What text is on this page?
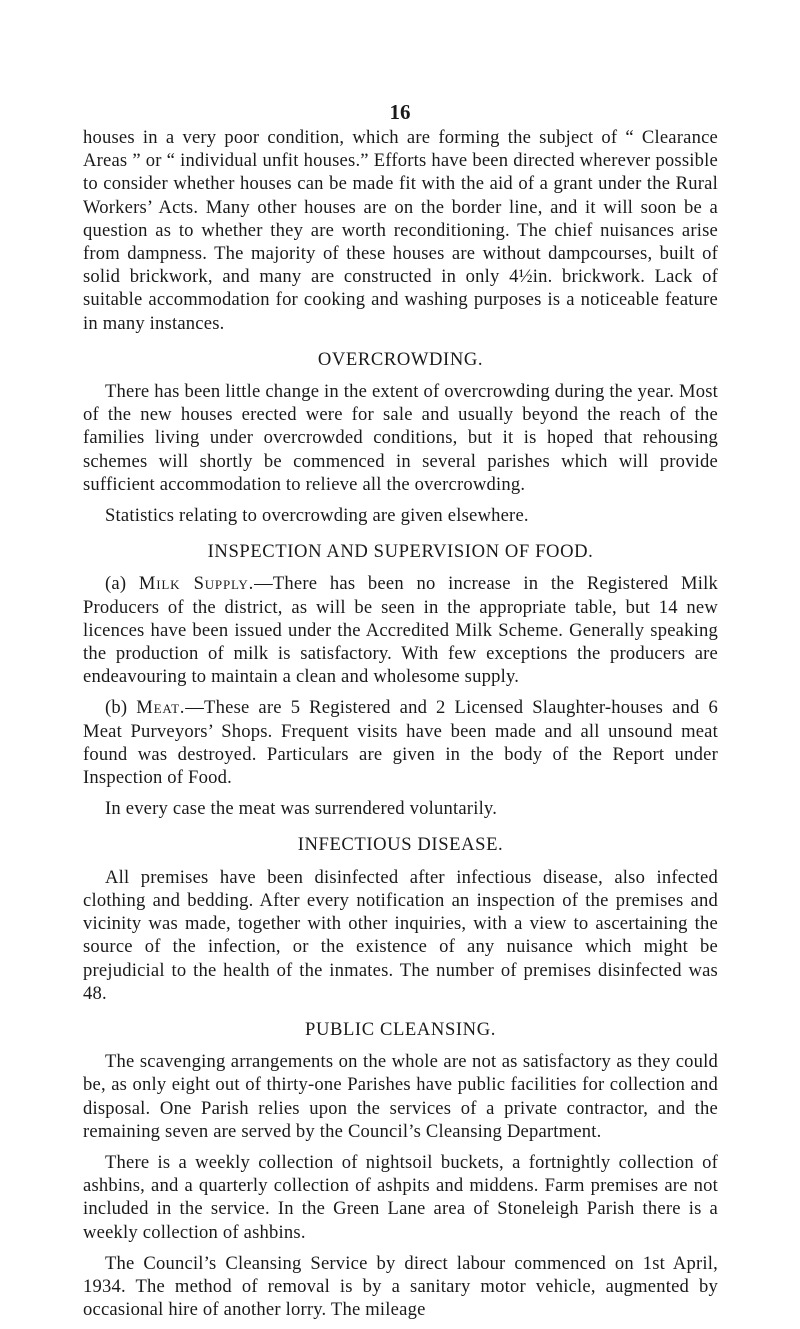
16

houses in a very poor condition, which are forming the subject of “ Clearance Areas ” or “ individual unfit houses.” Efforts have been directed wherever possible to consider whether houses can be made fit with the aid of a grant under the Rural Workers’ Acts. Many other houses are on the border line, and it will soon be a question as to whether they are worth reconditioning. The chief nuisances arise from dampness. The majority of these houses are without dampcourses, built of solid brickwork, and many are constructed in only 4½in. brickwork. Lack of suitable accommodation for cooking and washing purposes is a noticeable feature in many instances.

OVERCROWDING.

There has been little change in the extent of overcrowding during the year. Most of the new houses erected were for sale and usually beyond the reach of the families living under overcrowded conditions, but it is hoped that rehousing schemes will shortly be commenced in several parishes which will provide sufficient accommodation to relieve all the overcrowding.

Statistics relating to overcrowding are given elsewhere.

INSPECTION AND SUPERVISION OF FOOD.

(a) Milk Supply.—There has been no increase in the Registered Milk Producers of the district, as will be seen in the appropriate table, but 14 new licences have been issued under the Accredited Milk Scheme. Generally speaking the production of milk is satisfactory. With few exceptions the producers are endeavouring to maintain a clean and wholesome supply.

(b) Meat.—These are 5 Registered and 2 Licensed Slaughter-houses and 6 Meat Purveyors’ Shops. Frequent visits have been made and all unsound meat found was destroyed. Particulars are given in the body of the Report under Inspection of Food.

In every case the meat was surrendered voluntarily.

INFECTIOUS DISEASE.

All premises have been disinfected after infectious disease, also infected clothing and bedding. After every notification an inspection of the premises and vicinity was made, together with other inquiries, with a view to ascertaining the source of the infection, or the existence of any nuisance which might be prejudicial to the health of the inmates. The number of premises disinfected was 48.

PUBLIC CLEANSING.

The scavenging arrangements on the whole are not as satisfactory as they could be, as only eight out of thirty-one Parishes have public facilities for collection and disposal. One Parish relies upon the services of a private contractor, and the remaining seven are served by the Council’s Cleansing Department.

There is a weekly collection of nightsoil buckets, a fortnightly collection of ashbins, and a quarterly collection of ashpits and middens. Farm premises are not included in the service. In the Green Lane area of Stoneleigh Parish there is a weekly collection of ashbins.

The Council’s Cleansing Service by direct labour commenced on 1st April, 1934. The method of removal is by a sanitary motor vehicle, augmented by occasional hire of another lorry. The mileage
